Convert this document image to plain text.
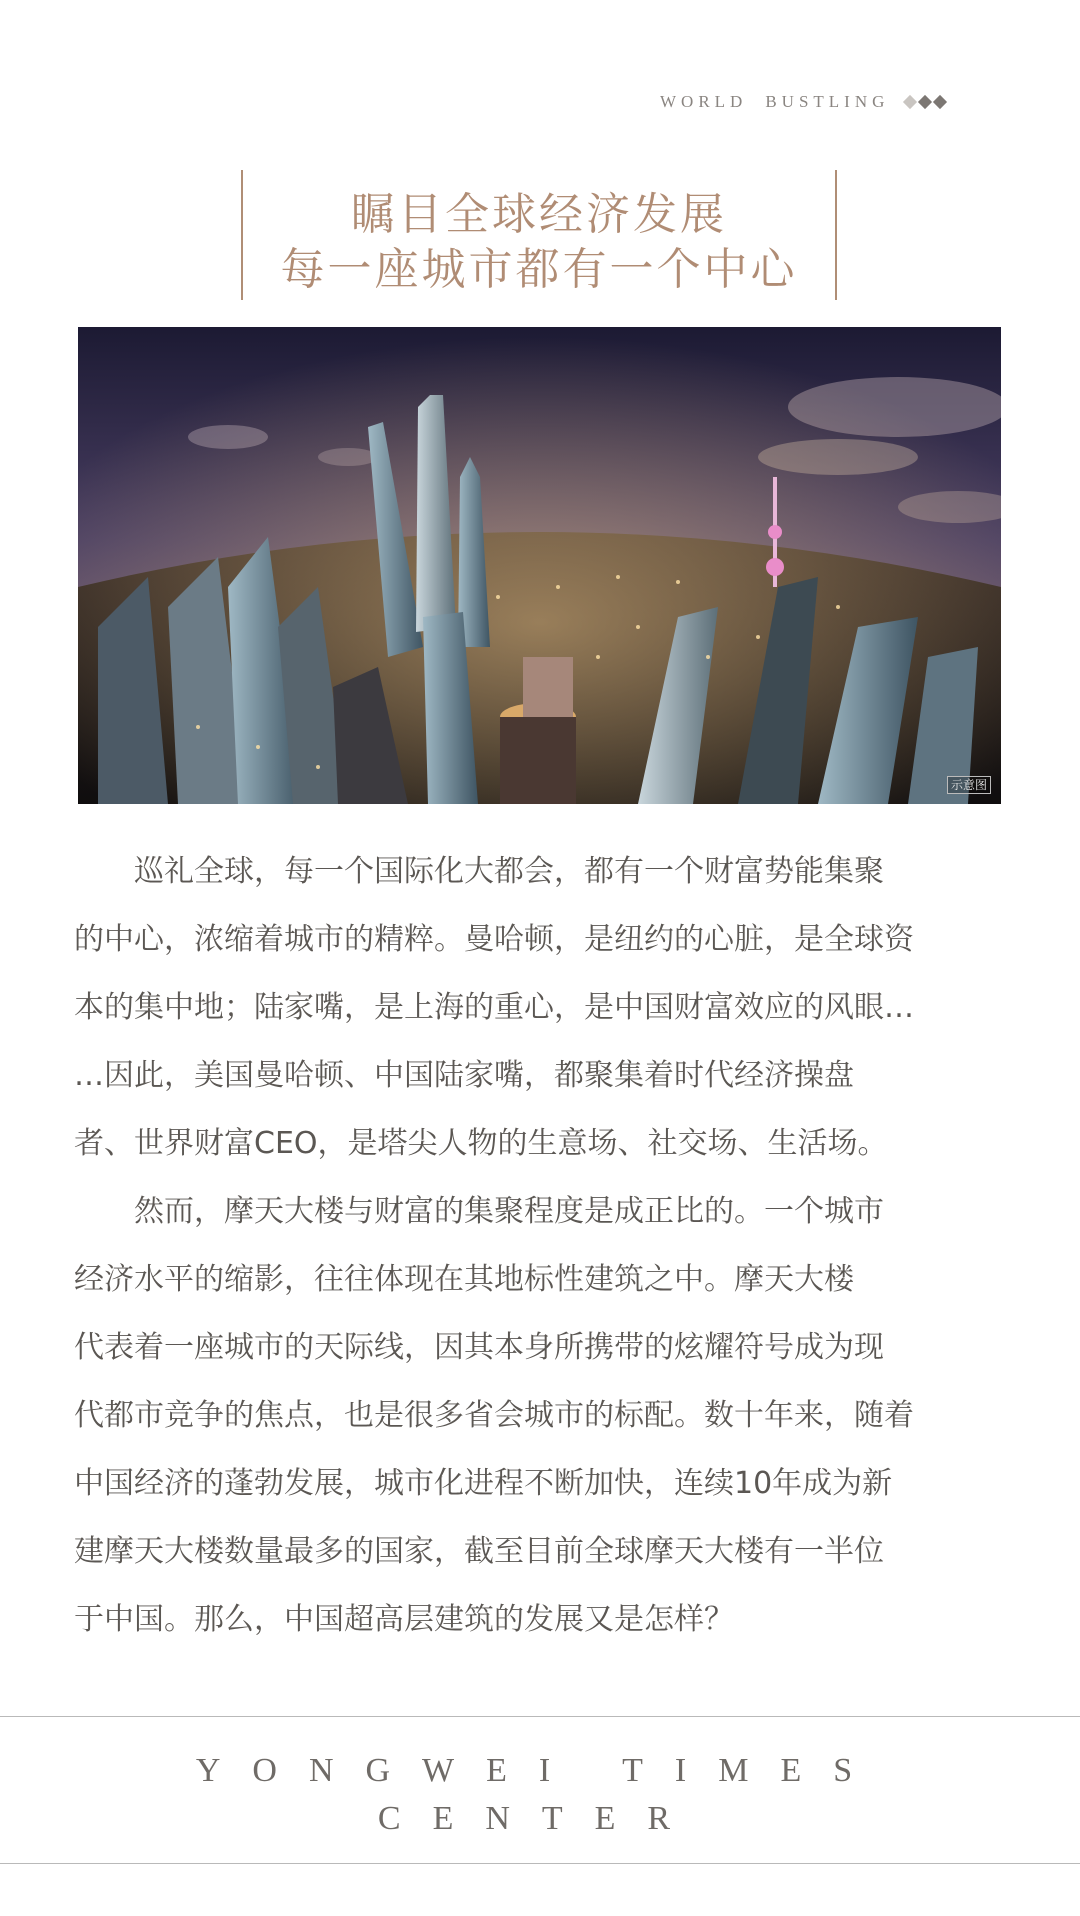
WORLD BUSTLING
瞩目全球经济发展
每一座城市都有一个中心
示意图
巡礼全球，每一个国际化大都会，都有一个财富势能集聚
的中心，浓缩着城市的精粹。曼哈顿，是纽约的心脏，是全球资
本的集中地；陆家嘴，是上海的重心，是中国财富效应的风眼…
…因此，美国曼哈顿、中国陆家嘴，都聚集着时代经济操盘
者、世界财富CEO，是塔尖人物的生意场、社交场、生活场。
然而，摩天大楼与财富的集聚程度是成正比的。一个城市
经济水平的缩影，往往体现在其地标性建筑之中。摩天大楼
代表着一座城市的天际线，因其本身所携带的炫耀符号成为现
代都市竞争的焦点，也是很多省会城市的标配。数十年来，随着
中国经济的蓬勃发展，城市化进程不断加快，连续10年成为新
建摩天大楼数量最多的国家，截至目前全球摩天大楼有一半位
于中国。那么，中国超高层建筑的发展又是怎样？
YONGWEI TIMES
CENTER
